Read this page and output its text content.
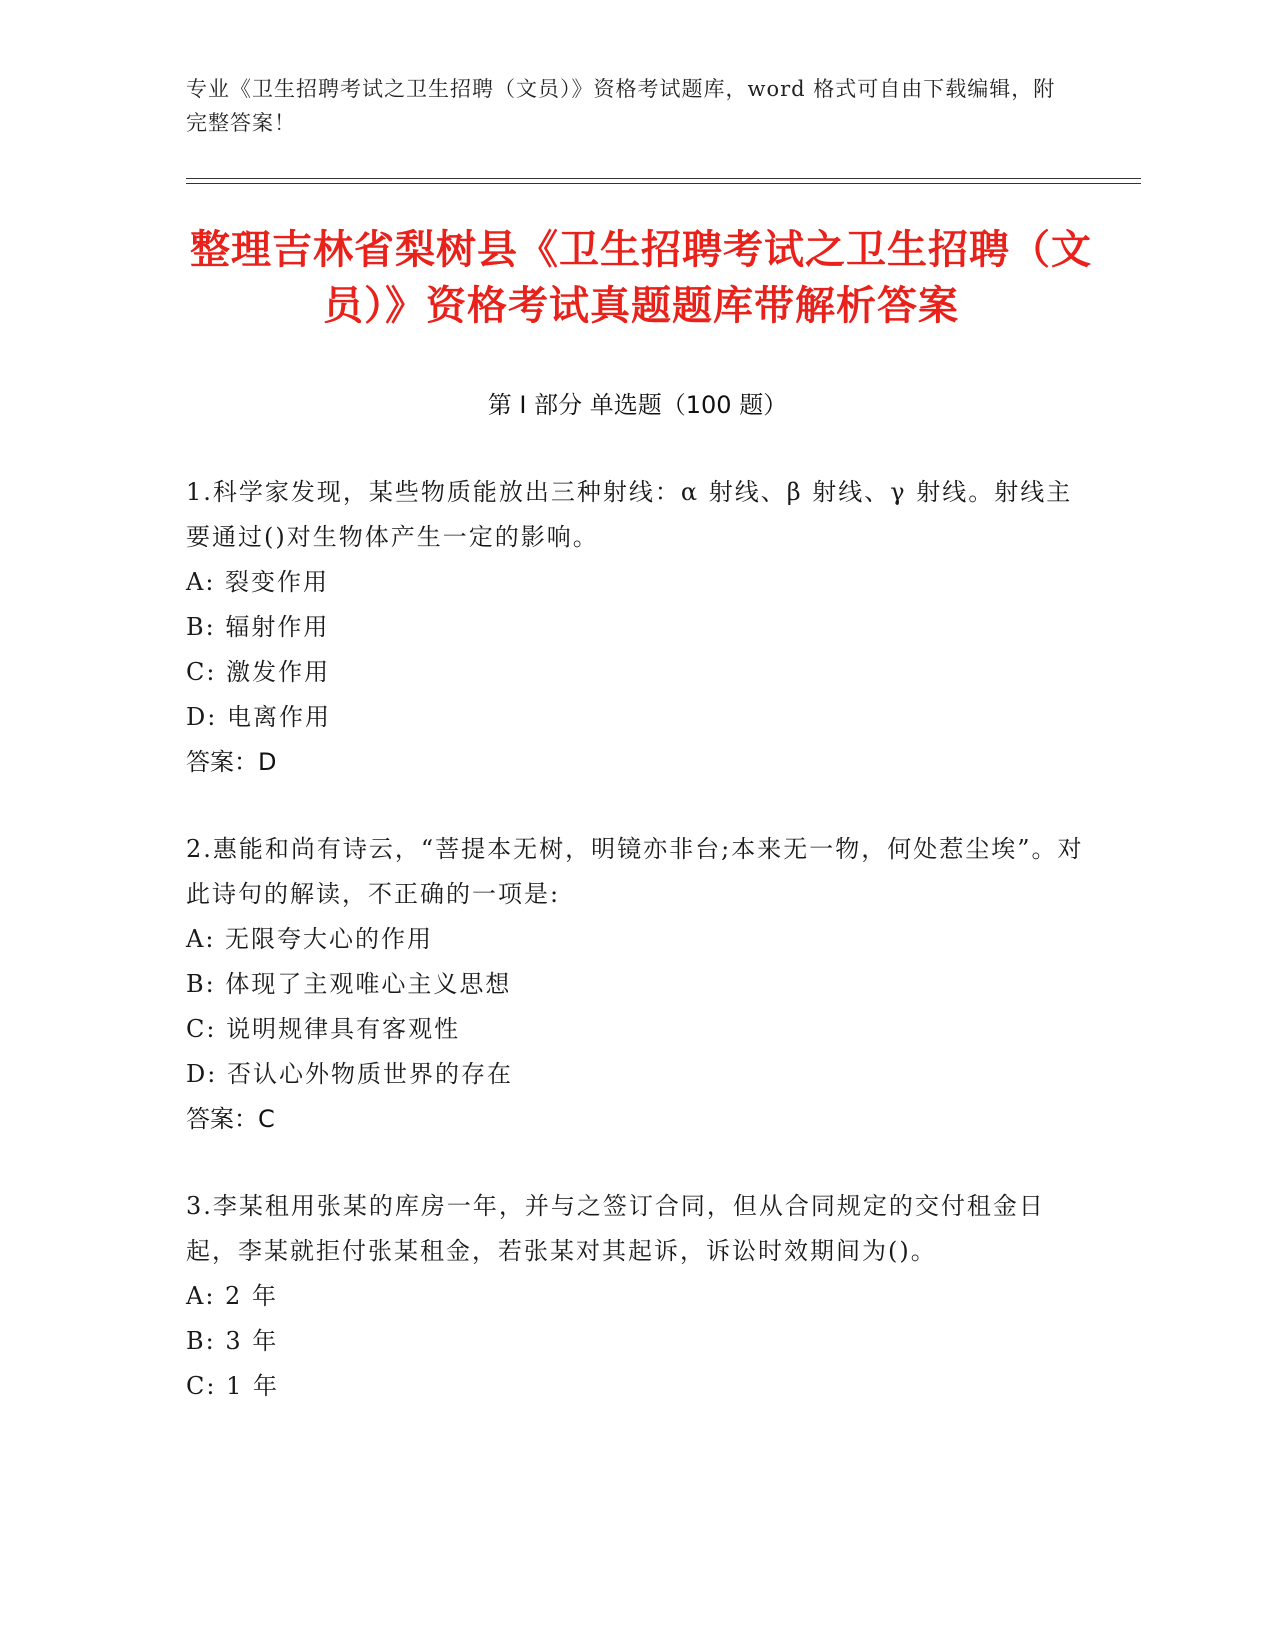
专业《卫生招聘考试之卫生招聘（文员）》资格考试题库，word 格式可自由下载编辑，附完整答案！
整理吉林省梨树县《卫生招聘考试之卫生招聘（文员）》资格考试真题题库带解析答案
第 I 部分 单选题（100 题）

1.科学家发现，某些物质能放出三种射线：α 射线、β 射线、γ 射线。射线主要通过()对生物体产生一定的影响。

A: 裂变作用

B: 辐射作用

C: 激发作用

D: 电离作用

答案：D

2.惠能和尚有诗云，“菩提本无树，明镜亦非台;本来无一物，何处惹尘埃”。对此诗句的解读，不正确的一项是:

A: 无限夸大心的作用

B: 体现了主观唯心主义思想

C: 说明规律具有客观性

D: 否认心外物质世界的存在

答案：C

3.李某租用张某的库房一年，并与之签订合同，但从合同规定的交付租金日起，李某就拒付张某租金，若张某对其起诉，诉讼时效期间为()。

A: 2 年

B: 3 年

C: 1 年
